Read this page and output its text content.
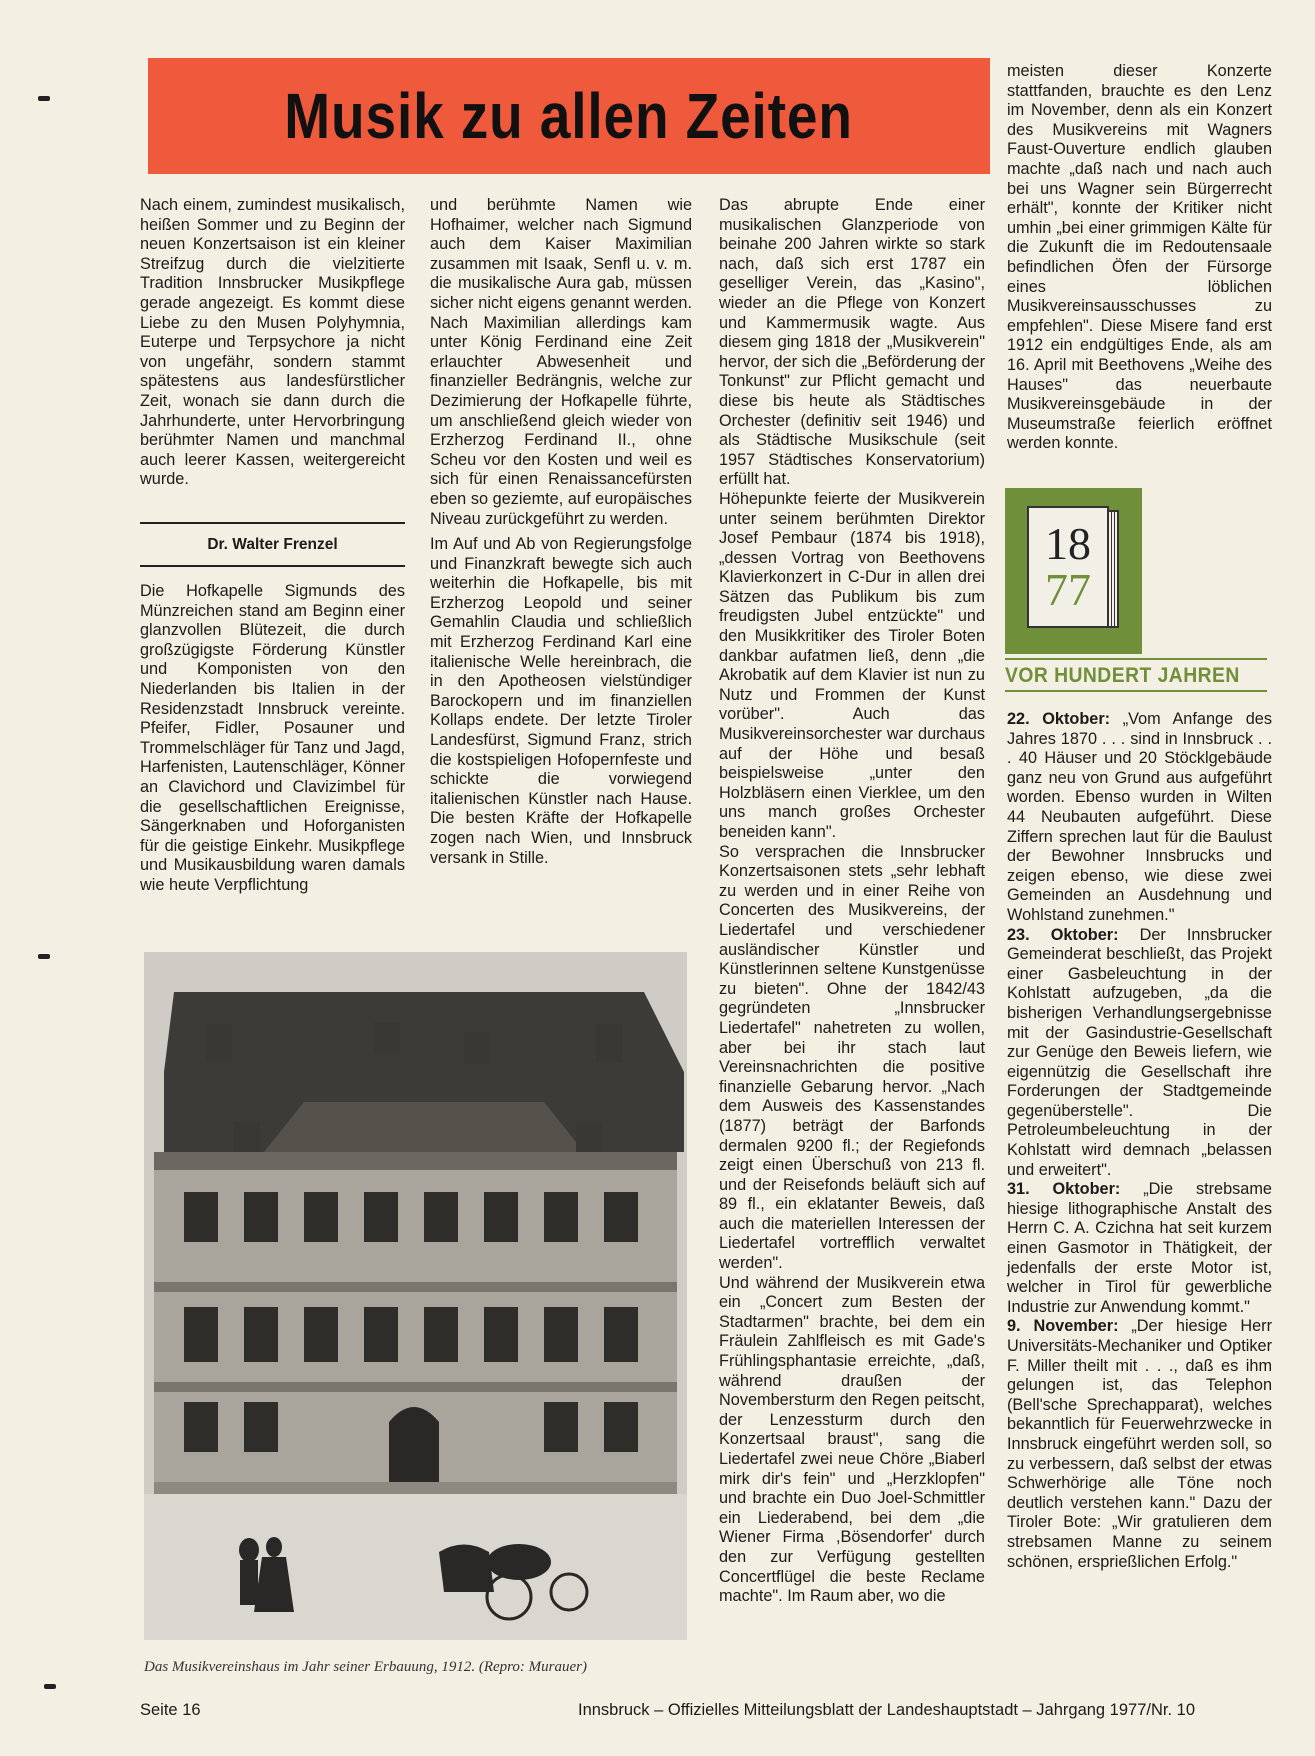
Musik zu allen Zeiten

Nach einem, zumindest musikalisch, heißen Sommer und zu Beginn der neuen Konzertsaison ist ein kleiner Streifzug durch die vielzitierte Tradition Innsbrucker Musikpflege gerade angezeigt. Es kommt diese Liebe zu den Musen Polyhymnia, Euterpe und Terpsychore ja nicht von ungefähr, sondern stammt spätestens aus landesfürstlicher Zeit, wonach sie dann durch die Jahrhunderte, unter Hervorbringung berühmter Namen und manchmal auch leerer Kassen, weitergereicht wurde.

Dr. Walter Frenzel

Die Hofkapelle Sigmunds des Münzreichen stand am Beginn einer glanzvollen Blütezeit, die durch großzügigste Förderung Künstler und Komponisten von den Niederlanden bis Italien in der Residenzstadt Innsbruck vereinte. Pfeifer, Fidler, Posauner und Trommelschläger für Tanz und Jagd, Harfenisten, Lautenschläger, Könner an Clavichord und Clavizimbel für die gesellschaftlichen Ereignisse, Sängerknaben und Hoforganisten für die geistige Einkehr. Musikpflege und Musikausbildung waren damals wie heute Verpflichtung

und berühmte Namen wie Hofhaimer, welcher nach Sigmund auch dem Kaiser Maximilian zusammen mit Isaak, Senfl u. v. m. die musikalische Aura gab, müssen sicher nicht eigens genannt werden. Nach Maximilian allerdings kam unter König Ferdinand eine Zeit erlauchter Abwesenheit und finanzieller Bedrängnis, welche zur Dezimierung der Hofkapelle führte, um anschließend gleich wieder von Erzherzog Ferdinand II., ohne Scheu vor den Kosten und weil es sich für einen Renaissancefürsten eben so geziemte, auf europäisches Niveau zurückgeführt zu werden.

Im Auf und Ab von Regierungsfolge und Finanzkraft bewegte sich auch weiterhin die Hofkapelle, bis mit Erzherzog Leopold und seiner Gemahlin Claudia und schließlich mit Erzherzog Ferdinand Karl eine italienische Welle hereinbrach, die in den Apotheosen vielstündiger Barockopern und im finanziellen Kollaps endete. Der letzte Tiroler Landesfürst, Sigmund Franz, strich die kostspieligen Hofopernfeste und schickte die vorwiegend italienischen Künstler nach Hause. Die besten Kräfte der Hofkapelle zogen nach Wien, und Innsbruck versank in Stille.

Das Musikvereinshaus im Jahr seiner Erbauung, 1912. (Repro: Murauer)

Das abrupte Ende einer musikalischen Glanzperiode von beinahe 200 Jahren wirkte so stark nach, daß sich erst 1787 ein geselliger Verein, das „Kasino", wieder an die Pflege von Konzert und Kammermusik wagte. Aus diesem ging 1818 der „Musikverein" hervor, der sich die „Beförderung der Tonkunst" zur Pflicht gemacht und diese bis heute als Städtisches Orchester (definitiv seit 1946) und als Städtische Musikschule (seit 1957 Städtisches Konservatorium) erfüllt hat.

Höhepunkte feierte der Musikverein unter seinem berühmten Direktor Josef Pembaur (1874 bis 1918), „dessen Vortrag von Beethovens Klavierkonzert in C-Dur in allen drei Sätzen das Publikum bis zum freudigsten Jubel entzückte" und den Musikkritiker des Tiroler Boten dankbar aufatmen ließ, denn „die Akrobatik auf dem Klavier ist nun zu Nutz und Frommen der Kunst vorüber". Auch das Musikvereinsorchester war durchaus auf der Höhe und besaß beispielsweise „unter den Holzbläsern einen Vierklee, um den uns manch großes Orchester beneiden kann".

So versprachen die Innsbrucker Konzertsaisonen stets „sehr lebhaft zu werden und in einer Reihe von Concerten des Musikvereins, der Liedertafel und verschiedener ausländischer Künstler und Künstlerinnen seltene Kunstgenüsse zu bieten". Ohne der 1842/43 gegründeten „Innsbrucker Liedertafel" nahetreten zu wollen, aber bei ihr stach laut Vereinsnachrichten die positive finanzielle Gebarung hervor. „Nach dem Ausweis des Kassenstandes (1877) beträgt der Barfonds dermalen 9200 fl.; der Regiefonds zeigt einen Überschuß von 213 fl. und der Reisefonds beläuft sich auf 89 fl., ein eklatanter Beweis, daß auch die materiellen Interessen der Liedertafel vortrefflich verwaltet werden".

Und während der Musikverein etwa ein „Concert zum Besten der Stadtarmen" brachte, bei dem ein Fräulein Zahlfleisch es mit Gade's Frühlingsphantasie erreichte, „daß, während draußen der Novembersturm den Regen peitscht, der Lenzessturm durch den Konzertsaal braust", sang die Liedertafel zwei neue Chöre „Biaberl mirk dir's fein" und „Herzklopfen" und brachte ein Duo Joel-Schmittler ein Liederabend, bei dem „die Wiener Firma ,Bösendorfer' durch den zur Verfügung gestellten Concertflügel die beste Reclame machte". Im Raum aber, wo die

meisten dieser Konzerte stattfanden, brauchte es den Lenz im November, denn als ein Konzert des Musikvereins mit Wagners Faust-Ouverture endlich glauben machte „daß nach und nach auch bei uns Wagner sein Bürgerrecht erhält", konnte der Kritiker nicht umhin „bei einer grimmigen Kälte für die Zukunft die im Redoutensaale befindlichen Öfen der Fürsorge eines löblichen Musikvereinsausschusses zu empfehlen". Diese Misere fand erst 1912 ein endgültiges Ende, als am 16. April mit Beethovens „Weihe des Hauses" das neuerbaute Musikvereinsgebäude in der Museumstraße feierlich eröffnet werden konnte.

18
77
VOR HUNDERT JAHREN

22. Oktober: „Vom Anfange des Jahres 1870 . . . sind in Innsbruck . . . 40 Häuser und 20 Stöcklgebäude ganz neu von Grund aus aufgeführt worden. Ebenso wurden in Wilten 44 Neubauten aufgeführt. Diese Ziffern sprechen laut für die Baulust der Bewohner Innsbrucks und zeigen ebenso, wie diese zwei Gemeinden an Ausdehnung und Wohlstand zunehmen."

23. Oktober: Der Innsbrucker Gemeinderat beschließt, das Projekt einer Gasbeleuchtung in der Kohlstatt aufzugeben, „da die bisherigen Verhandlungsergebnisse mit der Gasindustrie-Gesellschaft zur Genüge den Beweis liefern, wie eigennützig die Gesellschaft ihre Forderungen der Stadtgemeinde gegenüberstelle". Die Petroleumbeleuchtung in der Kohlstatt wird demnach „belassen und erweitert".

31. Oktober: „Die strebsame hiesige lithographische Anstalt des Herrn C. A. Czichna hat seit kurzem einen Gasmotor in Thätigkeit, der jedenfalls der erste Motor ist, welcher in Tirol für gewerbliche Industrie zur Anwendung kommt."

9. November: „Der hiesige Herr Universitäts-Mechaniker und Optiker F. Miller theilt mit . . ., daß es ihm gelungen ist, das Telephon (Bell'sche Sprechapparat), welches bekanntlich für Feuerwehrzwecke in Innsbruck eingeführt werden soll, so zu verbessern, daß selbst der etwas Schwerhörige alle Töne noch deutlich verstehen kann." Dazu der Tiroler Bote: „Wir gratulieren dem strebsamen Manne zu seinem schönen, ersprießlichen Erfolg."

Seite 16	Innsbruck – Offizielles Mitteilungsblatt der Landeshauptstadt – Jahrgang 1977/Nr. 10
